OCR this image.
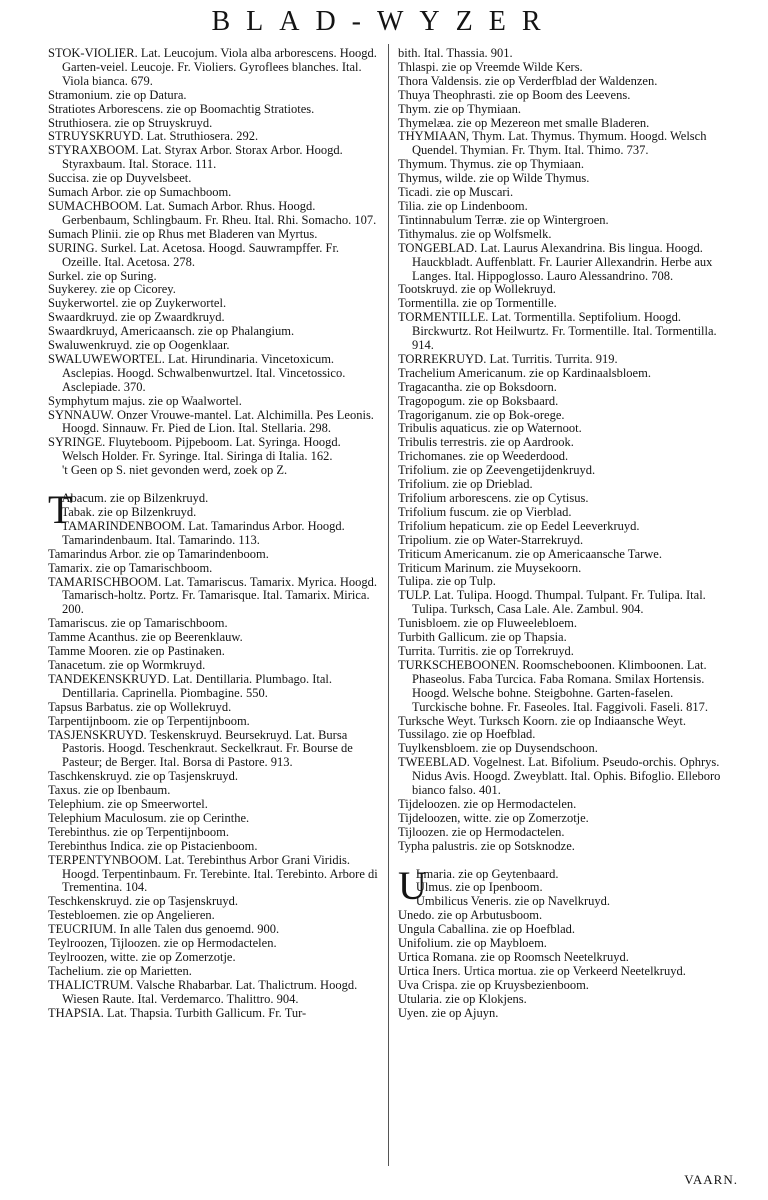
BLAD-WYZER
STOK-VIOLIER. Lat. Leucojum. Viola alba arborescens. Hoogd. Garten-veiel. Leucoje. Fr. Violiers. Gyroflees blanches. Ital. Viola bianca. 679.
Stramonium. zie op Datura.
Stratiotes Arborescens. zie op Boomachtig Stratiotes.
Struthiosera. zie op Struyskruyd.
STRUYSKRUYD. Lat. Struthiosera. 292.
STYRAXBOOM. Lat. Styrax Arbor. Storax Arbor. Hoogd. Styraxbaum. Ital. Storace. 111.
Succisa. zie op Duyvelsbeet.
Sumach Arbor. zie op Sumachboom.
SUMACHBOOM. Lat. Sumach Arbor. Rhus. Hoogd. Gerbenbaum, Schlingbaum. Fr. Rheu. Ital. Rhi. Somacho. 107.
Sumach Plinii. zie op Rhus met Bladeren van Myrtus.
SURING. Surkel. Lat. Acetosa. Hoogd. Sauwrampffer. Fr. Ozeille. Ital. Acetosa. 278.
Surkel. zie op Suring.
Suykerey. zie op Cicorey.
Suykerwortel. zie op Zuykerwortel.
Swaardkruyd. zie op Zwaardkruyd.
Swaardkruyd, Americaansch. zie op Phalangium.
Swaluwenkruyd. zie op Oogenklaar.
SWALUWEWORTEL. Lat. Hirundinaria. Vincetoxicum. Asclepias. Hoogd. Schwalbenwurtzel. Ital. Vincetossico. Asclepiade. 370.
Symphytum majus. zie op Waalwortel.
SYNNAUW. Onzer Vrouwe-mantel. Lat. Alchimilla. Pes Leonis. Hoogd. Sinnauw. Fr. Pied de Lion. Ital. Stellaria. 298.
SYRINGE. Fluyteboom. Pijpeboom. Lat. Syringa. Hoogd. Welsch Holder. Fr. Syringe. Ital. Siringa di Italia. 162.
't Geen op S. niet gevonden werd, zoek op Z.
T
Abacum. zie op Bilzenkruyd.
Tabak. zie op Bilzenkruyd.
TAMARINDENBOOM. Lat. Tamarindus Arbor. Hoogd. Tamarindenbaum. Ital. Tamarindo. 113.
Tamarindus Arbor. zie op Tamarindenboom.
Tamarix. zie op Tamarischboom.
TAMARISCHBOOM. Lat. Tamariscus. Tamarix. Myrica. Hoogd. Tamarisch-holtz. Portz. Fr. Tamarisque. Ital. Tamarix. Mirica. 200.
Tamariscus. zie op Tamarischboom.
Tamme Acanthus. zie op Beerenklauw.
Tamme Mooren. zie op Pastinaken.
Tanacetum. zie op Wormkruyd.
TANDEKENSKRUYD. Lat. Dentillaria. Plumbago. Ital. Dentillaria. Caprinella. Piombagine. 550.
Tapsus Barbatus. zie op Wollekruyd.
Tarpentijnboom. zie op Terpentijnboom.
TASJENSKRUYD. Teskenskruyd. Beursekruyd. Lat. Bursa Pastoris. Hoogd. Teschenkraut. Seckelkraut. Fr. Bourse de Pasteur; de Berger. Ital. Borsa di Pastore. 913.
Taschkenskruyd. zie op Tasjenskruyd.
Taxus. zie op Ibenbaum.
Telephium. zie op Smeerwortel.
Telephium Maculosum. zie op Cerinthe.
Terebinthus. zie op Terpentijnboom.
Terebinthus Indica. zie op Pistacienboom.
TERPENTYNBOOM. Lat. Terebinthus Arbor Grani Viridis. Hoogd. Terpentinbaum. Fr. Terebinte. Ital. Terebinto. Arbore di Trementina. 104.
Teschkenskruyd. zie op Tasjenskruyd.
Testebloemen. zie op Angelieren.
TEUCRIUM. In alle Talen dus genoemd. 900.
Teylroozen, Tijloozen. zie op Hermodactelen.
Teylroozen, witte. zie op Zomerzotje.
Tachelium. zie op Marietten.
THALICTRUM. Valsche Rhabarbar. Lat. Thalictrum. Hoogd. Wiesen Raute. Ital. Verdemarco. Thalittro. 904.
THAPSIA. Lat. Thapsia. Turbith Gallicum. Fr. Tur-
bith. Ital. Thassia. 901.
Thlaspi. zie op Vreemde Wilde Kers.
Thora Valdensis. zie op Verderfblad der Waldenzen.
Thuya Theophrasti. zie op Boom des Leevens.
Thym. zie op Thymiaan.
Thymelæa. zie op Mezereon met smalle Bladeren.
THYMIAAN, Thym. Lat. Thymus. Thymum. Hoogd. Welsch Quendel. Thymian. Fr. Thym. Ital. Thimo. 737.
Thymum. Thymus. zie op Thymiaan.
Thymus, wilde. zie op Wilde Thymus.
Ticadi. zie op Muscari.
Tilia. zie op Lindenboom.
Tintinnabulum Terræ. zie op Wintergroen.
Tithymalus. zie op Wolfsmelk.
TONGEBLAD. Lat. Laurus Alexandrina. Bis lingua. Hoogd. Hauckbladt. Auffenblatt. Fr. Laurier Allexandrin. Herbe aux Langes. Ital. Hippoglosso. Lauro Alessandrino. 708.
Tootskruyd. zie op Wollekruyd.
Tormentilla. zie op Tormentille.
TORMENTILLE. Lat. Tormentilla. Septifolium. Hoogd. Birckwurtz. Rot Heilwurtz. Fr. Tormentille. Ital. Tormentilla. 914.
TORREKRUYD. Lat. Turritis. Turrita. 919.
Trachelium Americanum. zie op Kardinaalsbloem.
Tragacantha. zie op Boksdoorn.
Tragopogum. zie op Boksbaard.
Tragoriganum. zie op Bok-orege.
Tribulis aquaticus. zie op Waternoot.
Tribulis terrestris. zie op Aardrook.
Trichomanes. zie op Weederdood.
Trifolium. zie op Zeevengetijdenkruyd.
Trifolium. zie op Drieblad.
Trifolium arborescens. zie op Cytisus.
Trifolium fuscum. zie op Vierblad.
Trifolium hepaticum. zie op Eedel Leeverkruyd.
Tripolium. zie op Water-Starrekruyd.
Triticum Americanum. zie op Americaansche Tarwe.
Triticum Marinum. zie Muysekoorn.
Tulipa. zie op Tulp.
TULP. Lat. Tulipa. Hoogd. Thumpal. Tulpant. Fr. Tulipa. Ital. Tulipa. Turksch, Casa Lale. Ale. Zambul. 904.
Tunisbloem. zie op Fluweelebloem.
Turbith Gallicum. zie op Thapsia.
Turrita. Turritis. zie op Torrekruyd.
TURKSCHEBOONEN. Roomscheboonen. Klimboonen. Lat. Phaseolus. Faba Turcica. Faba Romana. Smilax Hortensis. Hoogd. Welsche bohne. Steigbohne. Garten-faselen. Turckische bohne. Fr. Faseoles. Ital. Faggivoli. Faseli. 817.
Turksche Weyt. Turksch Koorn. zie op Indiaansche Weyt.
Tussilago. zie op Hoefblad.
Tuylkensbloem. zie op Duysendschoon.
TWEEBLAD. Vogelnest. Lat. Bifolium. Pseudo-orchis. Ophrys. Nidus Avis. Hoogd. Zweyblatt. Ital. Ophis. Bifoglio. Elleboro bianco falso. 401.
Tijdeloozen. zie op Hermodactelen.
Tijdeloozen, witte. zie op Zomerzotje.
Tijloozen. zie op Hermodactelen.
Typha palustris. zie op Sotsknodze.
U
Lmaria. zie op Geytenbaard.
Ulmus. zie op Ipenboom.
Umbilicus Veneris. zie op Navelkruyd.
Unedo. zie op Arbutusboom.
Ungula Caballina. zie op Hoefblad.
Unifolium. zie op Maybloem.
Urtica Romana. zie op Roomsch Neetelkruyd.
Urtica Iners. Urtica mortua. zie op Verkeerd Neetelkruyd.
Uva Crispa. zie op Kruysbezienboom.
Utularia. zie op Klokjens.
Uyen. zie op Ajuyn.
VAARN.
